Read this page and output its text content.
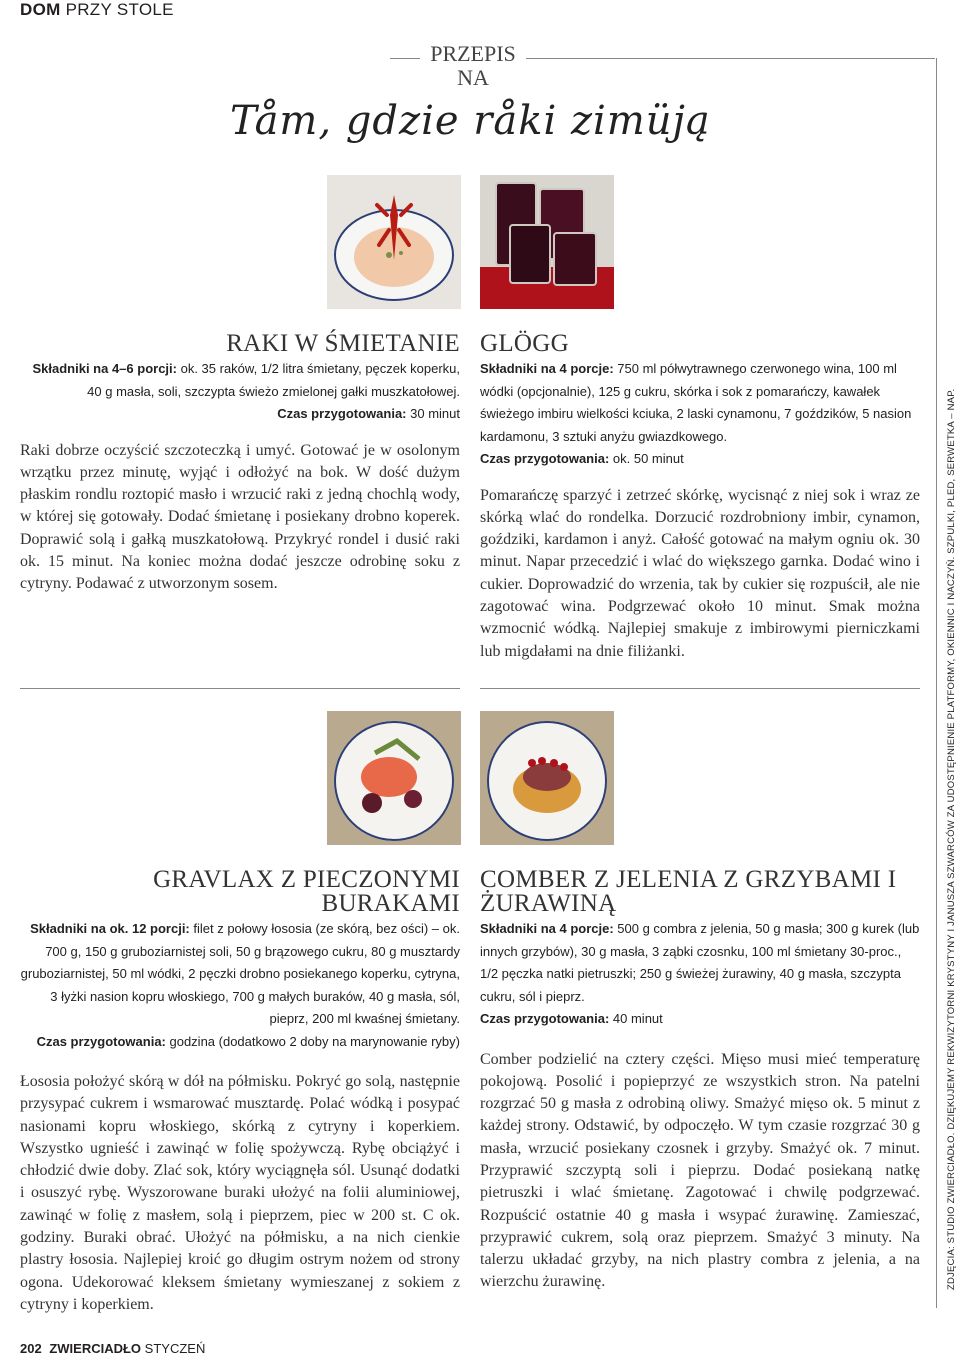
DOM PRZY STOLE
PRZEPIS
NA
Tåm, gdzie råki zimüją
RAKI W ŚMIETANIE
Składniki na 4–6 porcji: ok. 35 raków, 1/2 litra śmietany, pęczek koperku, 40 g masła, soli, szczypta świeżo zmielonej gałki muszkatołowej.
Czas przygotowania: 30 minut
Raki dobrze oczyścić szczoteczką i umyć. Gotować je w osolonym wrzątku przez minutę, wyjąć i odłożyć na bok. W dość dużym płaskim rondlu roztopić masło i wrzucić raki z jedną chochlą wody, w której się gotowały. Dodać śmietanę i posiekany drobno koperek. Doprawić solą i gałką muszkatołową. Przykryć rondel i dusić raki ok. 15 minut. Na koniec można dodać jeszcze odrobinę soku z cytryny. Podawać z utworzonym sosem.
GLÖGG
Składniki na 4 porcje: 750 ml półwytrawnego czerwonego wina, 100 ml wódki (opcjonalnie), 125 g cukru, skórka i sok z pomarańczy, kawałek świeżego imbiru wielkości kciuka, 2 laski cynamonu, 7 goździków, 5 nasion kardamonu, 3 sztuki anyżu gwiazdkowego.
Czas przygotowania: ok. 50 minut
Pomarańczę sparzyć i zetrzeć skórkę, wycisnąć z niej sok i wraz ze skórką wlać do rondelka. Dorzucić rozdrobniony imbir, cynamon, goździki, kardamon i anyż. Całość gotować na małym ogniu ok. 30 minut. Napar przecedzić i wlać do większego garnka. Dodać wino i cukier. Doprowadzić do wrzenia, tak by cukier się rozpuścił, ale nie zagotować wina. Podgrzewać około 10 minut. Smak można wzmocnić wódką. Najlepiej smakuje z imbirowymi pierniczkami lub migdałami na dnie filiżanki.
GRAVLAX Z PIECZONYMI BURAKAMI
Składniki na ok. 12 porcji: filet z połowy łososia (ze skórą, bez ości) – ok. 700 g, 150 g gruboziarnistej soli, 50 g brązowego cukru, 80 g musztardy gruboziarnistej, 50 ml wódki, 2 pęczki drobno posiekanego koperku, cytryna, 3 łyżki nasion kopru włoskiego, 700 g małych buraków, 40 g masła, sól, pieprz, 200 ml kwaśnej śmietany.
Czas przygotowania: godzina (dodatkowo 2 doby na marynowanie ryby)
Łososia położyć skórą w dół na półmisku. Pokryć go solą, następnie przysypać cukrem i wsmarować musztardę. Polać wódką i posypać nasionami kopru włoskiego, skórką z cytryny i koperkiem. Wszystko ugnieść i zawinąć w folię spożywczą. Rybę obciążyć i chłodzić dwie doby. Zlać sok, który wyciągnęła sól. Usunąć dodatki i osuszyć rybę. Wyszorowane buraki ułożyć na folii aluminiowej, zawinąć w folię z masłem, solą i pieprzem, piec w 200 st. C ok. godziny. Buraki obrać. Ułożyć na półmisku, a na nich cienkie plastry łososia. Najlepiej kroić go długim ostrym nożem od strony ogona. Udekorować kleksem śmietany wymieszanej z sokiem z cytryny i koperkiem.
COMBER Z JELENIA Z GRZYBAMI I ŻURAWINĄ
Składniki na 4 porcje: 500 g combra z jelenia, 50 g masła; 300 g kurek (lub innych grzybów), 30 g masła, 3 ząbki czosnku, 100 ml śmietany 30-proc., 1/2 pęczka natki pietruszki; 250 g świeżej żurawiny, 40 g masła, szczypta cukru, sól i pieprz.
Czas przygotowania: 40 minut
Comber podzielić na cztery części. Mięso musi mieć temperaturę pokojową. Posolić i popieprzyć ze wszystkich stron. Na patelni rozgrzać 50 g masła z odrobiną oliwy. Smażyć mięso ok. 5 minut z każdej strony. Odstawić, by odpoczęło. W tym czasie rozgrzać 30 g masła, wrzucić posiekany czosnek i grzyby. Smażyć ok. 7 minut. Przyprawić szczyptą soli i pieprzu. Dodać posiekaną natkę pietruszki i wlać śmietanę. Zagotować i chwilę podgrzewać. Rozpuścić ostatnie 40 g masła i wsypać żurawinę. Zamieszać, przyprawić cukrem, solą oraz pieprzem. Smażyć 3 minuty. Na talerzu układać grzyby, na nich plastry combra z jelenia, a na wierzchu żurawinę.	ZDJĘCIA: STUDIO ZWIERCIADŁO. DZIĘKUJEMY REKWIZYTORNI KRYSTYNY I JANUSZA SZWARCÓW ZA UDOSTĘPNIENIE PLATFORMY, OKIENNIC I NACZYŃ. SZPULKI, PLED, SERWETKA – NAP.
202 ZWIERCIADŁO STYCZEŃ
